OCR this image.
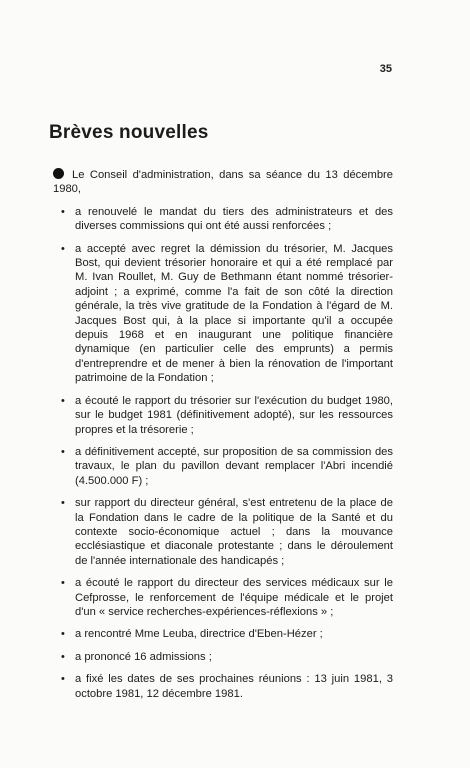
35
Brèves nouvelles

Le Conseil d'administration, dans sa séance du 13 décembre 1980,

• a renouvelé le mandat du tiers des administrateurs et des diverses commissions qui ont été aussi renforcées ;
• a accepté avec regret la démission du trésorier, M. Jacques Bost, qui devient trésorier honoraire et qui a été remplacé par M. Ivan Roullet, M. Guy de Bethmann étant nommé trésorier-adjoint ; a exprimé, comme l'a fait de son côté la direction générale, la très vive gratitude de la Fondation à l'égard de M. Jacques Bost qui, à la place si importante qu'il a occupée depuis 1968 et en inaugurant une politique financière dynamique (en particulier celle des emprunts) a permis d'entreprendre et de mener à bien la rénovation de l'important patrimoine de la Fondation ;
• a écouté le rapport du trésorier sur l'exécution du budget 1980, sur le budget 1981 (définitivement adopté), sur les ressources propres et la trésorerie ;
• a définitivement accepté, sur proposition de sa commission des travaux, le plan du pavillon devant remplacer l'Abri incendié (4.500.000 F) ;
• sur rapport du directeur général, s'est entretenu de la place de la Fondation dans le cadre de la politique de la Santé et du contexte socio-économique actuel ; dans la mouvance ecclésiastique et diaconale protestante ; dans le déroulement de l'année internationale des handicapés ;
• a écouté le rapport du directeur des services médicaux sur le Cefprosse, le renforcement de l'équipe médicale et le projet d'un « service recherches-expériences-réflexions » ;
• a rencontré Mme Leuba, directrice d'Eben-Hézer ;
• a prononcé 16 admissions ;
• a fixé les dates de ses prochaines réunions : 13 juin 1981, 3 octobre 1981, 12 décembre 1981.
